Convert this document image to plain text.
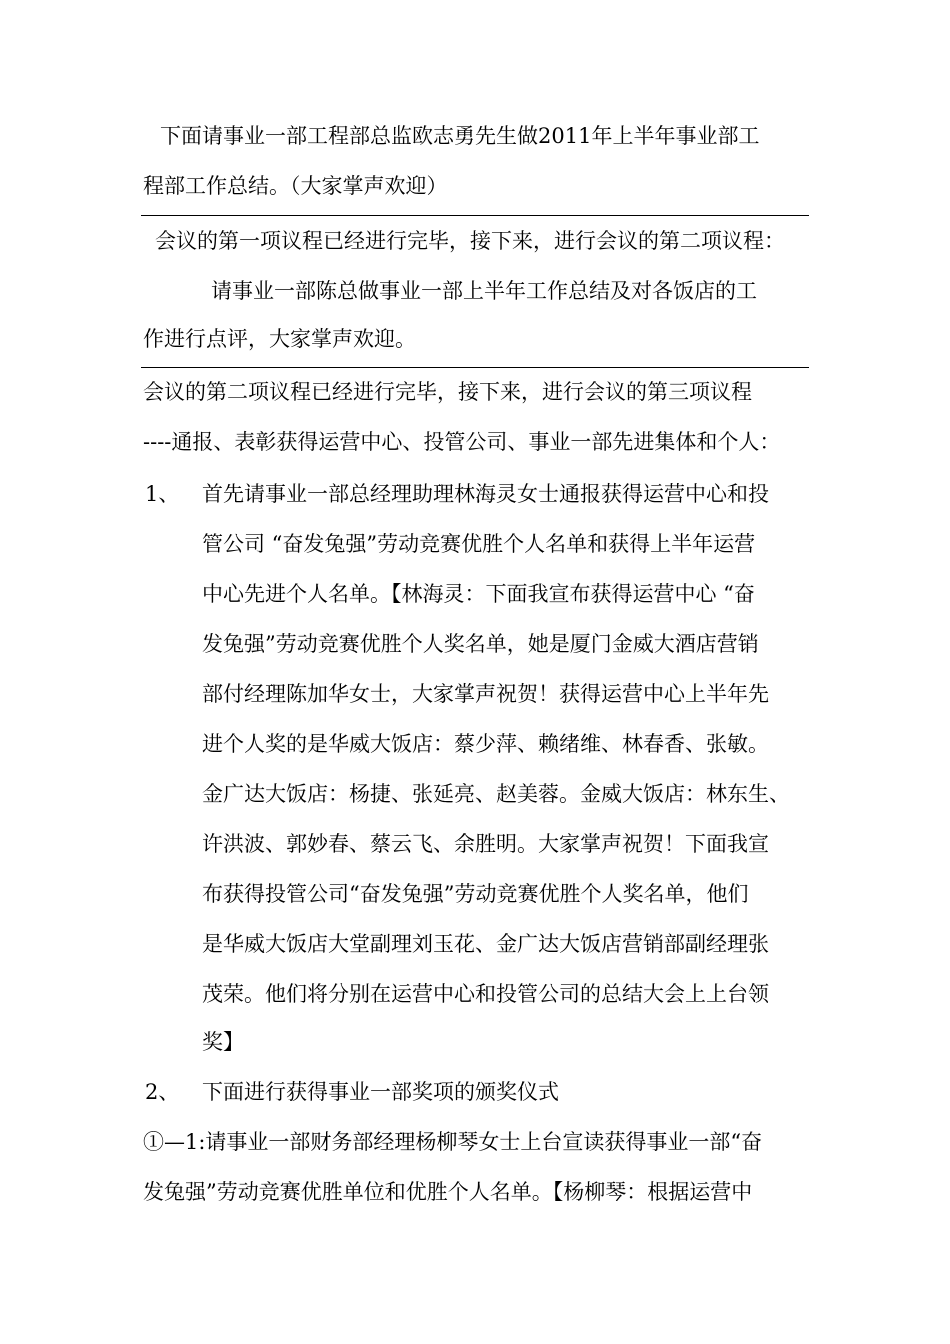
下面请事业一部工程部总监欧志勇先生做2011年上半年事业部工
程部工作总结。（大家掌声欢迎）
会议的第一项议程已经进行完毕，接下来，进行会议的第二项议程：
请事业一部陈总做事业一部上半年工作总结及对各饭店的工
作进行点评，大家掌声欢迎。
会议的第二项议程已经进行完毕，接下来，进行会议的第三项议程
----通报、表彰获得运营中心、投管公司、事业一部先进集体和个人：
1、 首先请事业一部总经理助理林海灵女士通报获得运营中心和投
管公司 “奋发兔强”劳动竞赛优胜个人名单和获得上半年运营
中心先进个人名单。【林海灵：下面我宣布获得运营中心 “奋
发兔强”劳动竞赛优胜个人奖名单，她是厦门金威大酒店营销
部付经理陈加华女士，大家掌声祝贺！获得运营中心上半年先
进个人奖的是华威大饭店：蔡少萍、赖绪维、林春香、张敏。
金广达大饭店：杨捷、张延亮、赵美蓉。金威大饭店：林东生、
许洪波、郭妙春、蔡云飞、余胜明。大家掌声祝贺！下面我宣
布获得投管公司“奋发兔强”劳动竞赛优胜个人奖名单，他们
是华威大饭店大堂副理刘玉花、金广达大饭店营销部副经理张
茂荣。他们将分别在运营中心和投管公司的总结大会上上台领
奖】
2、 下面进行获得事业一部奖项的颁奖仪式
①—1:请事业一部财务部经理杨柳琴女士上台宣读获得事业一部“奋
发兔强”劳动竞赛优胜单位和优胜个人名单。【杨柳琴：根据运营中
